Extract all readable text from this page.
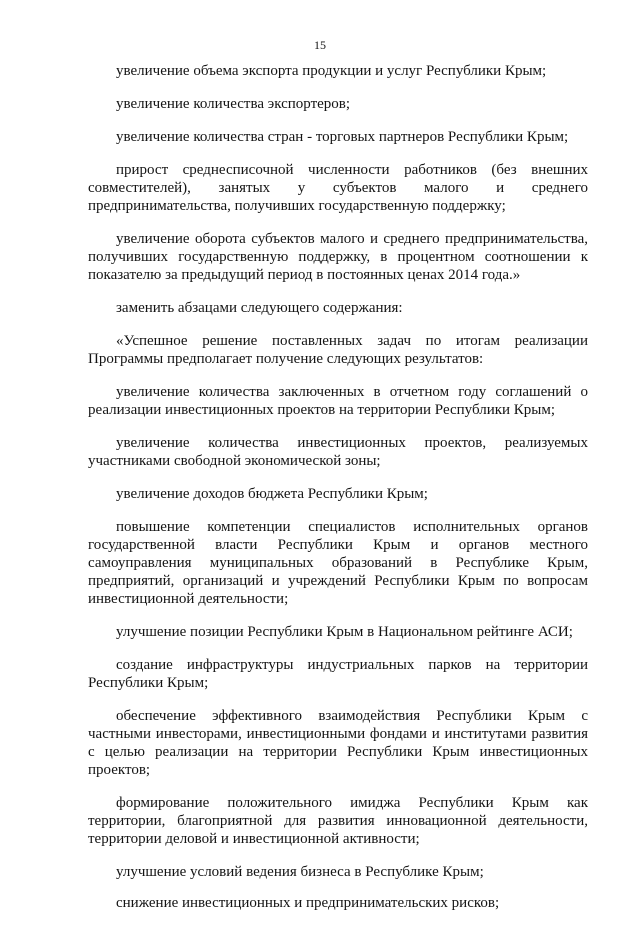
15

увеличение объема экспорта продукции и услуг Республики Крым;

увеличение количества экспортеров;

увеличение количества стран - торговых партнеров Республики Крым;

прирост среднесписочной численности работников (без внешних совместителей), занятых у субъектов малого и среднего предпринимательства, получивших государственную поддержку;

увеличение оборота субъектов малого и среднего предпринимательства, получивших государственную поддержку, в процентном соотношении к показателю за предыдущий период в постоянных ценах 2014 года.»

заменить абзацами следующего содержания:

«Успешное решение поставленных задач по итогам реализации Программы предполагает получение следующих результатов:

увеличение количества заключенных в отчетном году соглашений о реализации инвестиционных проектов на территории Республики Крым;

увеличение количества инвестиционных проектов, реализуемых участниками свободной экономической зоны;

увеличение доходов бюджета Республики Крым;

повышение компетенции специалистов исполнительных органов государственной власти Республики Крым и органов местного самоуправления муниципальных образований в Республике Крым, предприятий, организаций и учреждений Республики Крым по вопросам инвестиционной деятельности;

улучшение позиции Республики Крым в Национальном рейтинге АСИ;

создание инфраструктуры индустриальных парков на территории Республики Крым;

обеспечение эффективного взаимодействия Республики Крым с частными инвесторами, инвестиционными фондами и институтами развития с целью реализации на территории Республики Крым инвестиционных проектов;

формирование положительного имиджа Республики Крым как территории, благоприятной для развития инновационной деятельности, территории деловой и инвестиционной активности;

улучшение условий ведения бизнеса в Республике Крым;

снижение инвестиционных и предпринимательских рисков;
